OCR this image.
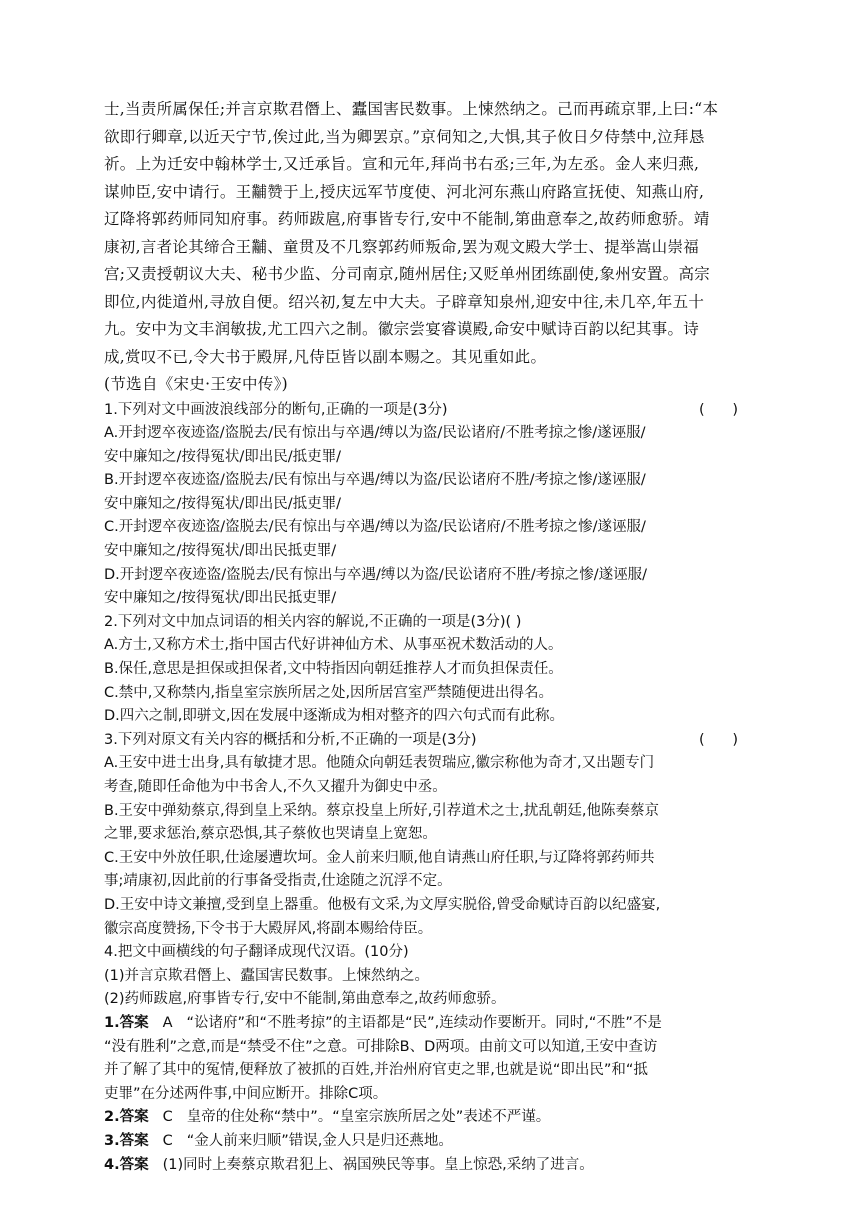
士,当责所属保任;并言京欺君僭上、蠹国害民数事。上悚然纳之。己而再疏京罪,上曰:“本

欲即行卿章,以近天宁节,俟过此,当为卿罢京。”京伺知之,大惧,其子攸日夕侍禁中,泣拜恳

祈。上为迁安中翰林学士,又迁承旨。宣和元年,拜尚书右丞;三年,为左丞。金人来归燕,

谋帅臣,安中请行。王黼赞于上,授庆远军节度使、河北河东燕山府路宣抚使、知燕山府,

辽降将郭药师同知府事。药师跋扈,府事皆专行,安中不能制,第曲意奉之,故药师愈骄。靖

康初,言者论其缔合王黼、童贯及不几察郭药师叛命,罢为观文殿大学士、提举嵩山崇福

宫;又责授朝议大夫、秘书少监、分司南京,随州居住;又贬单州团练副使,象州安置。高宗

即位,内徙道州,寻放自便。绍兴初,复左中大夫。子辟章知泉州,迎安中往,未几卒,年五十

九。安中为文丰润敏拔,尤工四六之制。徽宗尝宴睿谟殿,命安中赋诗百韵以纪其事。诗

成,赏叹不已,令大书于殿屏,凡侍臣皆以副本赐之。其见重如此。

(节选自《宋史·王安中传》)

1.下列对文中画波浪线部分的断句,正确的一项是(3分)	(      )

A.开封逻卒夜迹盗/盗脱去/民有惊出与卒遇/缚以为盗/民讼诸府/不胜考掠之惨/遂诬服/

安中廉知之/按得冤状/即出民/抵吏罪/

B.开封逻卒夜迹盗/盗脱去/民有惊出与卒遇/缚以为盗/民讼诸府不胜/考掠之惨/遂诬服/

安中廉知之/按得冤状/即出民/抵吏罪/

C.开封逻卒夜迹盗/盗脱去/民有惊出与卒遇/缚以为盗/民讼诸府/不胜考掠之惨/遂诬服/

安中廉知之/按得冤状/即出民抵吏罪/

D.开封逻卒夜迹盗/盗脱去/民有惊出与卒遇/缚以为盗/民讼诸府不胜/考掠之惨/遂诬服/

安中廉知之/按得冤状/即出民抵吏罪/

2.下列对文中加点词语的相关内容的解说,不正确的一项是(3分)( )

A.方士,又称方术士,指中国古代好讲神仙方术、从事巫祝术数活动的人。

B.保任,意思是担保或担保者,文中特指因向朝廷推荐人才而负担保责任。

C.禁中,又称禁内,指皇室宗族所居之处,因所居宫室严禁随便进出得名。

D.四六之制,即骈文,因在发展中逐渐成为相对整齐的四六句式而有此称。

3.下列对原文有关内容的概括和分析,不正确的一项是(3分)	(      )

A.王安中进士出身,具有敏捷才思。他随众向朝廷表贺瑞应,徽宗称他为奇才,又出题专门

考查,随即任命他为中书舍人,不久又擢升为御史中丞。

B.王安中弹劾蔡京,得到皇上采纳。蔡京投皇上所好,引荐道术之士,扰乱朝廷,他陈奏蔡京

之罪,要求惩治,蔡京恐惧,其子蔡攸也哭请皇上宽恕。

C.王安中外放任职,仕途屡遭坎坷。金人前来归顺,他自请燕山府任职,与辽降将郭药师共

事;靖康初,因此前的行事备受指责,仕途随之沉浮不定。

D.王安中诗文兼擅,受到皇上器重。他极有文采,为文厚实脱俗,曾受命赋诗百韵以纪盛宴,

徽宗高度赞扬,下令书于大殿屏风,将副本赐给侍臣。

4.把文中画横线的句子翻译成现代汉语。(10分)

(1)并言京欺君僭上、蠹国害民数事。上悚然纳之。

(2)药师跋扈,府事皆专行,安中不能制,第曲意奉之,故药师愈骄。

1.答案 A “讼诸府”和“不胜考掠”的主语都是“民”,连续动作要断开。同时,“不胜”不是

“没有胜利”之意,而是“禁受不住”之意。可排除B、D两项。由前文可以知道,王安中查访

并了解了其中的冤情,便释放了被抓的百姓,并治州府官吏之罪,也就是说“即出民”和“抵

吏罪”在分述两件事,中间应断开。排除C项。

2.答案 C 皇帝的住处称“禁中”。“皇室宗族所居之处”表述不严谨。

3.答案 C “金人前来归顺”错误,金人只是归还燕地。

4.答案 (1)同时上奏蔡京欺君犯上、祸国殃民等事。皇上惊恐,采纳了进言。
